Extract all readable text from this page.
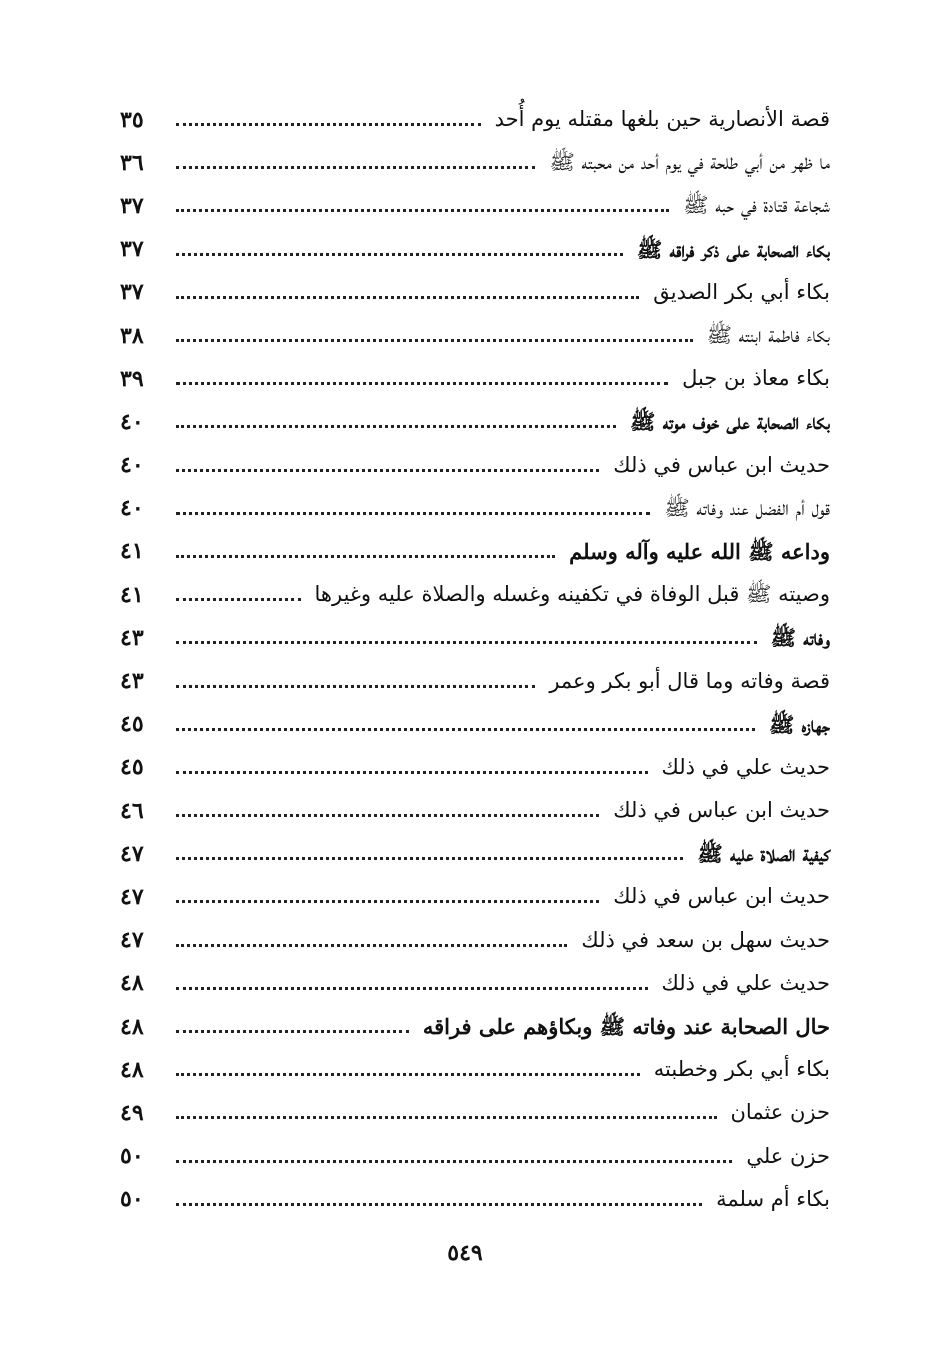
قصة الأنصارية حين بلغها مقتله يوم أُحد
٣٥
ما ظهر من أبي طلحة في يوم أحد من محبته ﷺ
٣٦
شجاعة قتادة في حبه ﷺ
٣٧
بكاء الصحابة على ذكر فراقه ﷺ
٣٧
بكاء أبي بكر الصديق
٣٧
بكاء فاطمة ابنته ﷺ
٣٨
بكاء معاذ بن جبل
٣٩
بكاء الصحابة على خوف موته ﷺ
٤٠
حديث ابن عباس في ذلك
٤٠
قول أم الفضل عند وفاته ﷺ
٤٠
وداعه ﷺ الله عليه وآله وسلم
٤١
وصيته ﷺ قبل الوفاة في تكفينه وغسله والصلاة عليه وغيرها
٤١
وفاته ﷺ
٤٣
قصة وفاته وما قال أبو بكر وعمر
٤٣
جهازه ﷺ
٤٥
حديث علي في ذلك
٤٥
حديث ابن عباس في ذلك
٤٦
كيفية الصلاة عليه ﷺ
٤٧
حديث ابن عباس في ذلك
٤٧
حديث سهل بن سعد في ذلك
٤٧
حديث علي في ذلك
٤٨
حال الصحابة عند وفاته ﷺ وبكاؤهم على فراقه
٤٨
بكاء أبي بكر وخطبته
٤٨
حزن عثمان
٤٩
حزن علي
٥٠
بكاء أم سلمة
٥٠
٥٤٩
